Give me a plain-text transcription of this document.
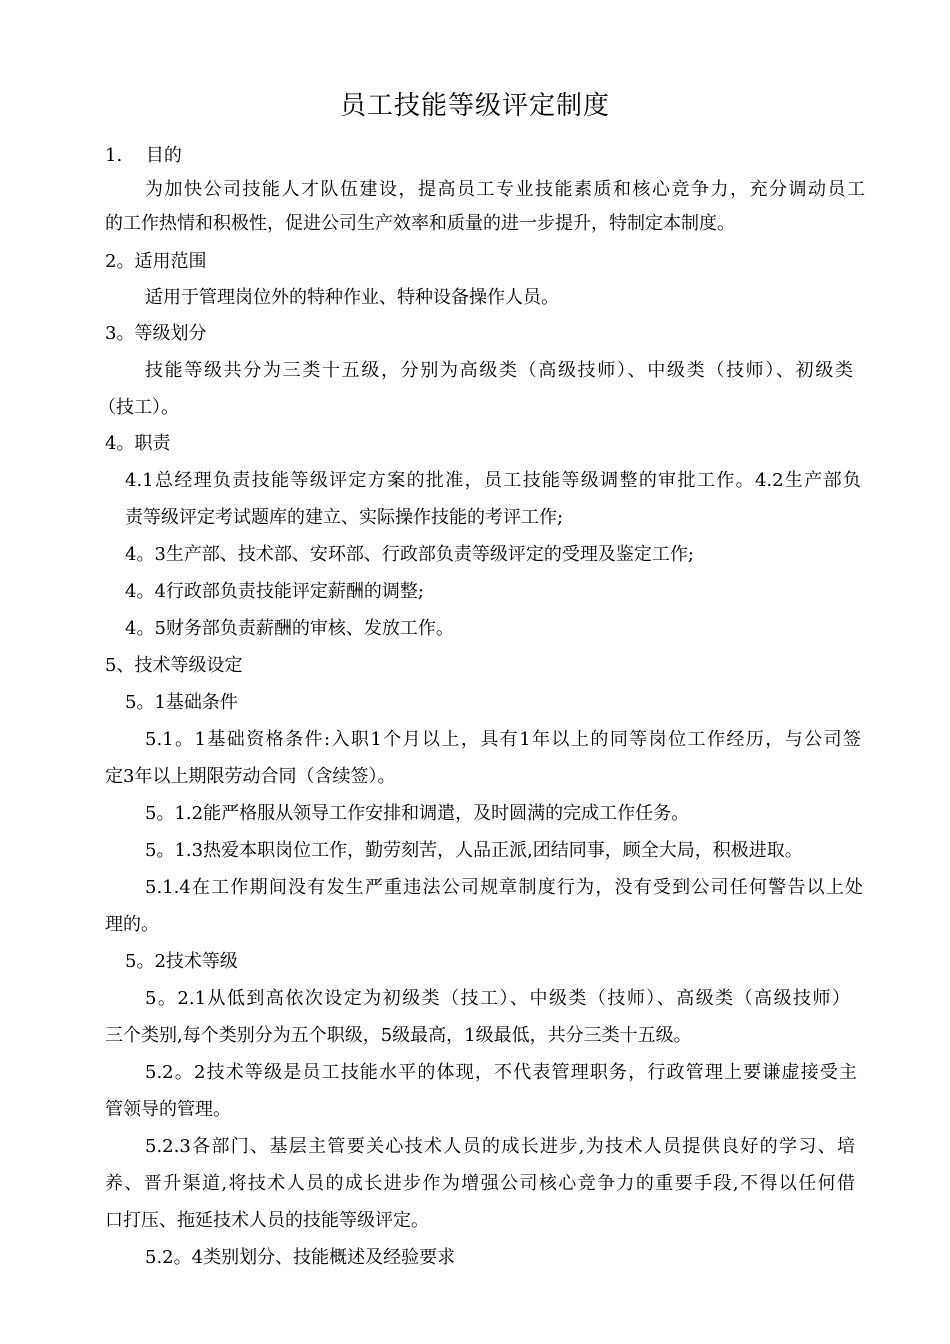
员工技能等级评定制度
1.　 目的
为加快公司技能人才队伍建设，提高员工专业技能素质和核心竞争力，充分调动员工
的工作热情和积极性，促进公司生产效率和质量的进一步提升，特制定本制度。
2。适用范围
适用于管理岗位外的特种作业、特种设备操作人员。
3。等级划分
技能等级共分为三类十五级，分别为高级类（高级技师）、中级类（技师）、初级类
（技工）。
4。职责
4.1总经理负责技能等级评定方案的批准，员工技能等级调整的审批工作。4.2生产部负
责等级评定考试题库的建立、实际操作技能的考评工作;
4。3生产部、技术部、安环部、行政部负责等级评定的受理及鉴定工作;
4。4行政部负责技能评定薪酬的调整;
4。5财务部负责薪酬的审核、发放工作。
5、技术等级设定
5。1基础条件
5.1。1基础资格条件:入职1个月以上，具有1年以上的同等岗位工作经历，与公司签
定3年以上期限劳动合同（含续签）。
5。1.2能严格服从领导工作安排和调遣，及时圆满的完成工作任务。
5。1.3热爱本职岗位工作，勤劳刻苦，人品正派,团结同事，顾全大局，积极进取。
5.1.4在工作期间没有发生严重违法公司规章制度行为，没有受到公司任何警告以上处
理的。
5。2技术等级
5。2.1从低到高依次设定为初级类（技工）、中级类（技师）、高级类（高级技师）
三个类别,每个类别分为五个职级，5级最高，1级最低，共分三类十五级。
5.2。2技术等级是员工技能水平的体现，不代表管理职务，行政管理上要谦虚接受主
管领导的管理。
5.2.3各部门、基层主管要关心技术人员的成长进步,为技术人员提供良好的学习、培
养、晋升渠道,将技术人员的成长进步作为增强公司核心竞争力的重要手段,不得以任何借
口打压、拖延技术人员的技能等级评定。
5.2。4类别划分、技能概述及经验要求
